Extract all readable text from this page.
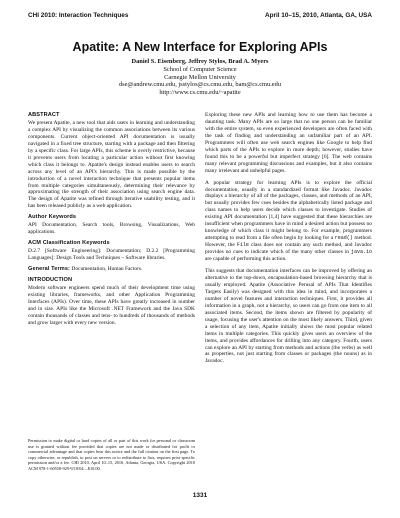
CHI 2010: Interaction Techniques	April 10–15, 2010, Atlanta, GA, USA
Apatite: A New Interface for Exploring APIs
Daniel S. Eisenberg, Jeffrey Stylos, Brad A. Myers
School of Computer Science
Carnegie Mellon University
dse@andrew.cmu.edu, jsstylos@cs.cmu.edu, bam@cs.cmu.edu
http://www.cs.cmu.edu/~apatite
ABSTRACT

We present Apatite, a new tool that aids users in learning and understanding a complex API by visualizing the common associations between its various components. Current object-oriented API documentation is usually navigated in a fixed tree structure, starting with a package and then filtering by a specific class. For large APIs, this scheme is overly restrictive, because it prevents users from locating a particular action without first knowing which class it belongs to. Apatite's design instead enables users to search across any level of an API's hierarchy. This is made possible by the introduction of a novel interaction technique that presents popular items from multiple categories simultaneously, determining their relevance by approximating the strength of their association using search engine data. The design of Apatite was refined through iterative usability testing, and it has been released publicly as a web application.

Author Keywords

API Documentation, Search tools, Browsing, Visualizations, Web applications.

ACM Classification Keywords

D.2.7 [Software Engineering]: Documentation; D.2.2 [Programming Languages]: Design Tools and Techniques – Software libraries.

General Terms: Documentation, Human Factors.

INTRODUCTION

Modern software engineers spend much of their development time using existing libraries, frameworks, and other Application Programming Interfaces (APIs). Over time, these APIs have greatly increased in number and in size. APIs like the Microsoft .NET Framework and the Java SDK contain thousands of classes and tens- to hundreds of thousands of methods and grow larger with every new version.

Permission to make digital or hard copies of all or part of this work for personal or classroom use is granted without fee provided that copies are not made or distributed for profit or commercial advantage and that copies bear this notice and the full citation on the first page. To copy otherwise, or republish, to post on servers or to redistribute to lists, requires prior specific permission and/or a fee. CHI 2010, April 10–15, 2010, Atlanta, Georgia, USA. Copyright 2010 ACM 978-1-60558-929-9/10/04....$10.00.

Exploring these new APIs and learning how to use them has become a daunting task. Many APIs are so large that no one person can be familiar with the entire system, so even experienced developers are often faced with the task of finding and understanding an unfamiliar part of an API. Programmers will often use web search engines like Google to help find which parts of the APIs to explore in more depth; however, studies have found this to be a powerful but imperfect strategy [6]. The web contains many relevant programming discussions and examples, but it also contains many irrelevant and unhelpful pages.

A popular strategy for learning APIs is to explore the official documentation, usually in a standardized format like Javadoc. Javadoc displays a hierarchy of all of the packages, classes, and methods of an API, but usually provides few cues besides the alphabetically listed package and class names to help users decide which classes to investigate. Studies of existing API documentation [1,4] have suggested that these hierarchies are insufficient when programmers have in mind a desired action but possess no knowledge of which class it might belong to. For example, programmers attempting to read from a file often begin by looking for a read() method. However, the File class does not contain any such method, and Javadoc provides no cues to indicate which of the many other classes in java.io are capable of performing this action.

This suggests that documentation interfaces can be improved by offering an alternative to the top-down, encapsulation-based browsing hierarchy that is usually employed. Apatite (Associative Perusal of APIs That Identifies Targets Easily) was designed with this idea in mind, and incorporates a number of novel features and interaction techniques. First, it provides all information in a graph, not a hierarchy, so users can go from one item to all associated items. Second, the items shown are filtered by popularity of usage, focusing the user's attention on the most likely answers. Third, given a selection of any item, Apatite initially shows the most popular related items in multiple categories. This quickly gives users an overview of the items, and provides affordances for drilling into any category. Fourth, users can explore an API by starting from methods and actions (the verbs) as well as properties, not just starting from classes or packages (the nouns) as in Javadoc.

1331
